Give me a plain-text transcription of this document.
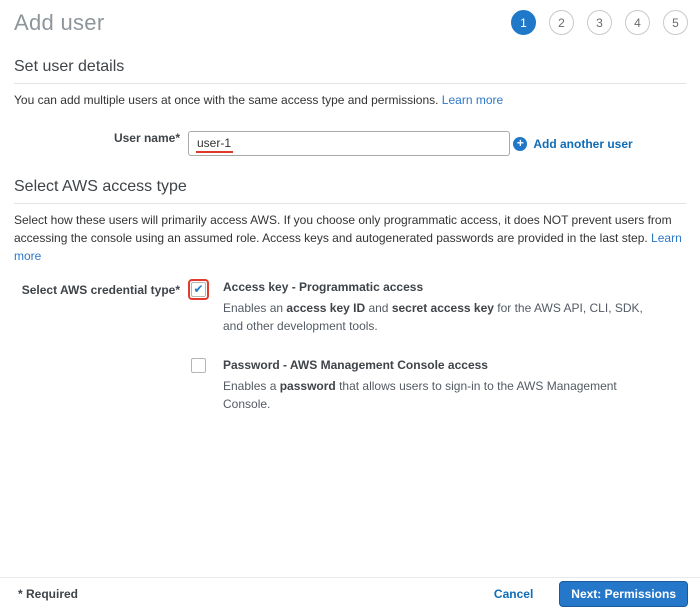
Add user	1	2	3	4	5
Set user details
You can add multiple users at once with the same access type and permissions. Learn more
User name*
user-1
	+ Add another user
Select AWS access type
Select how these users will primarily access AWS. If you choose only programmatic access, it does NOT prevent users from accessing the console using an assumed role. Access keys and autogenerated passwords are provided in the last step. Learn more
Select AWS credential type* ✔ Access key - Programmatic access
Enables an access key ID and secret access key for the AWS API, CLI, SDK, and other development tools.
Password - AWS Management Console access
Enables a password that allows users to sign-in to the AWS Management Console.
* Required	Cancel	Next: Permissions
